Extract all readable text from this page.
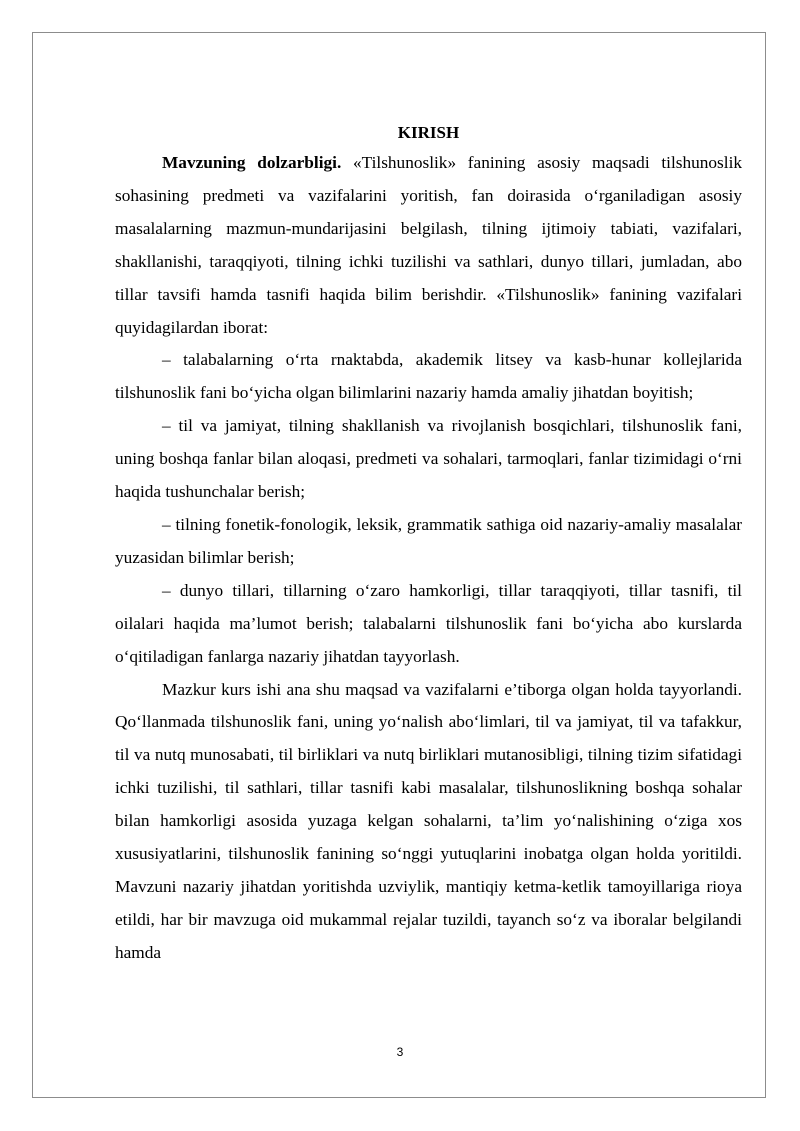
KIRISH

Mavzuning dolzarbligi. «Tilshunoslik» fanining asosiy maqsadi tilshunoslik sohasining predmeti va vazifalarini yoritish, fan doirasida o‘rganiladigan asosiy masalalarning mazmun-mundarijasini belgilash, tilning ijtimoiy tabiati, vazifalari, shakllanishi, taraqqiyoti, tilning ichki tuzilishi va sathlari, dunyo tillari, jumladan, abo tillar tavsifi hamda tasnifi haqida bilim berishdir. «Tilshunoslik» fanining vazifalari quyidagilardan iborat:

– talabalarning o‘rta rnaktabda, akademik litsey va kasb-hunar kollejlarida tilshunoslik fani bo‘yicha olgan bilimlarini nazariy hamda amaliy jihatdan boyitish;

– til va jamiyat, tilning shakllanish va rivojlanish bosqichlari, tilshunoslik fani, uning boshqa fanlar bilan aloqasi, predmeti va sohalari, tarmoqlari, fanlar tizimidagi o‘rni haqida tushunchalar berish;

– tilning fonetik-fonologik, leksik, grammatik sathiga oid nazariy-amaliy masalalar yuzasidan bilimlar berish;

– dunyo tillari, tillarning o‘zaro hamkorligi, tillar taraqqiyoti, tillar tasnifi, til oilalari haqida ma’lumot berish; talabalarni tilshunoslik fani bo‘yicha abo kurslarda o‘qitiladigan fanlarga nazariy jihatdan tayyorlash.

Mazkur kurs ishi ana shu maqsad va vazifalarni e’tiborga olgan holda tayyorlandi. Qo‘llanmada tilshunoslik fani, uning yo‘nalish abo‘limlari, til va jamiyat, til va tafakkur, til va nutq munosabati, til birliklari va nutq birliklari mutanosibligi, tilning tizim sifatidagi ichki tuzilishi, til sathlari, tillar tasnifi kabi masalalar, tilshunoslikning boshqa sohalar bilan hamkorligi asosida yuzaga kelgan sohalarni, ta’lim yo‘nalishining o‘ziga xos xususiyatlarini, tilshunoslik fanining so‘nggi yutuqlarini inobatga olgan holda yoritildi. Mavzuni nazariy jihatdan yoritishda uzviylik, mantiqiy ketma-ketlik tamoyillariga rioya etildi, har bir mavzuga oid mukammal rejalar tuzildi, tayanch so‘z va iboralar belgilandi hamda

3
